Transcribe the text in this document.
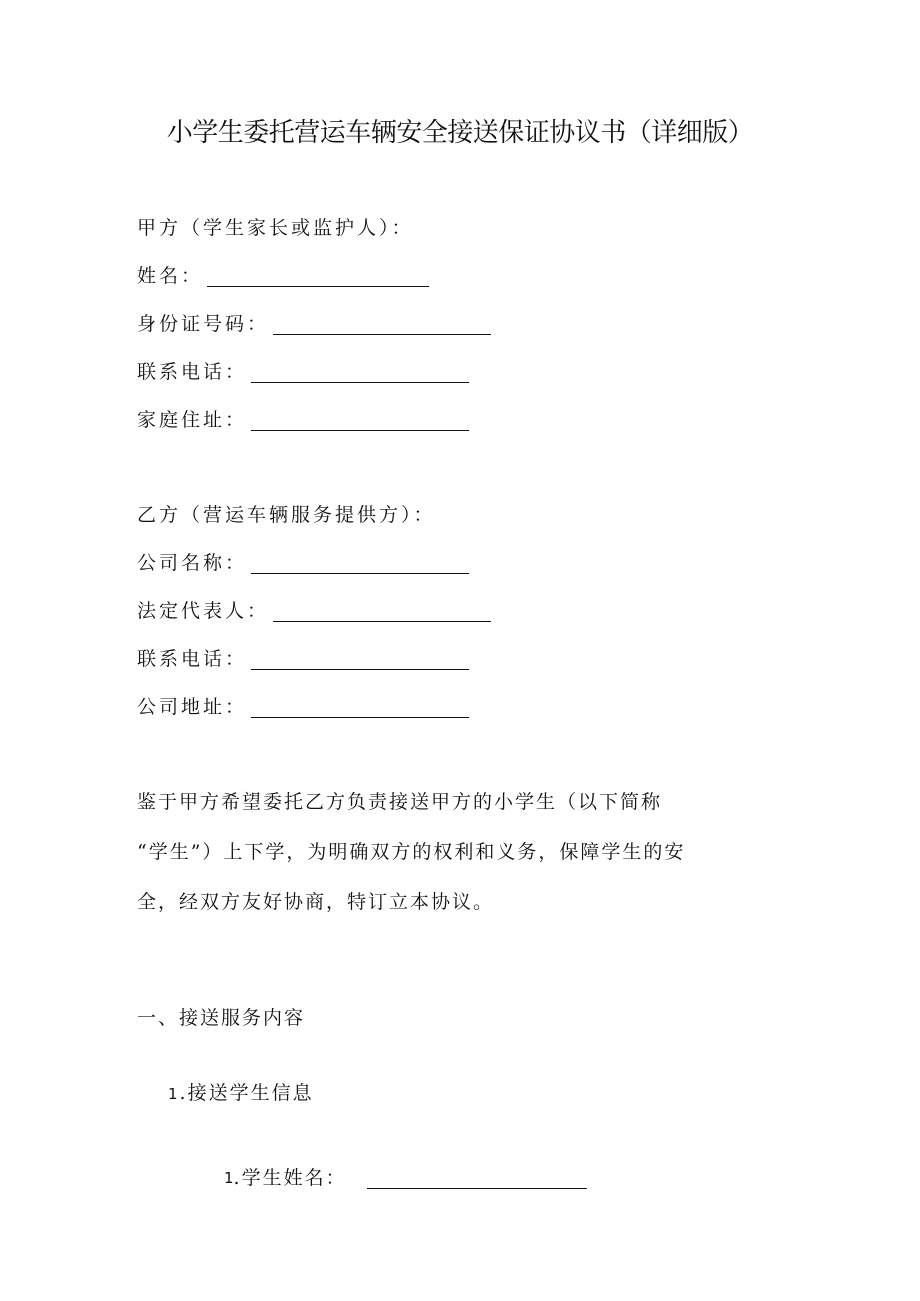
小学生委托营运车辆安全接送保证协议书（详细版）
甲方（学生家长或监护人）：
姓名：
身份证号码：
联系电话：
家庭住址：
乙方（营运车辆服务提供方）：
公司名称：
法定代表人：
联系电话：
公司地址：

鉴于甲方希望委托乙方负责接送甲方的小学生（以下简称

“学生”）上下学，为明确双方的权利和义务，保障学生的安

全，经双方友好协商，特订立本协议。

一、接送服务内容
1.接送学生信息
1 .学生姓名：
